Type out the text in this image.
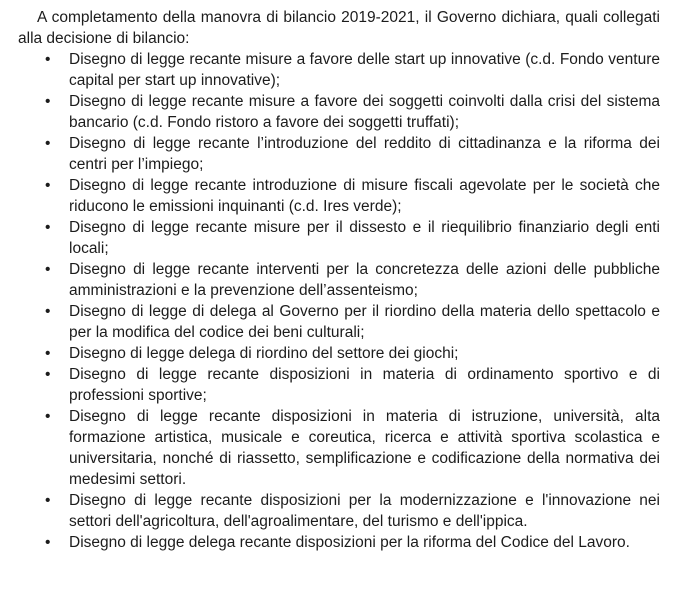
A completamento della manovra di bilancio 2019-2021, il Governo dichiara, quali collegati alla decisione di bilancio:

•	Disegno di legge recante misure a favore delle start up innovative (c.d. Fondo venture capital per start up innovative);
•	Disegno di legge recante misure a favore dei soggetti coinvolti dalla crisi del sistema bancario (c.d. Fondo ristoro a favore dei soggetti truffati);
•	Disegno di legge recante l’introduzione del reddito di cittadinanza e la riforma dei centri per l’impiego;
•	Disegno di legge recante introduzione di misure fiscali agevolate per le società che riducono le emissioni inquinanti (c.d. Ires verde);
•	Disegno di legge recante misure per il dissesto e il riequilibrio finanziario degli enti locali;
•	Disegno di legge recante interventi per la concretezza delle azioni delle pubbliche amministrazioni e la prevenzione dell’assenteismo;
•	Disegno di legge di delega al Governo per il riordino della materia dello spettacolo e per la modifica del codice dei beni culturali;
•	Disegno di legge delega di riordino del settore dei giochi;
•	Disegno di legge recante disposizioni in materia di ordinamento sportivo e di professioni sportive;
•	Disegno di legge recante disposizioni in materia di istruzione, università, alta formazione artistica, musicale e coreutica, ricerca e attività sportiva scolastica e universitaria, nonché di riassetto, semplificazione e codificazione della normativa dei medesimi settori.
•	Disegno di legge recante disposizioni per la modernizzazione e l'innovazione nei settori dell'agricoltura, dell'agroalimentare, del turismo e dell'ippica.
•	Disegno di legge delega recante disposizioni per la riforma del Codice del Lavoro.
